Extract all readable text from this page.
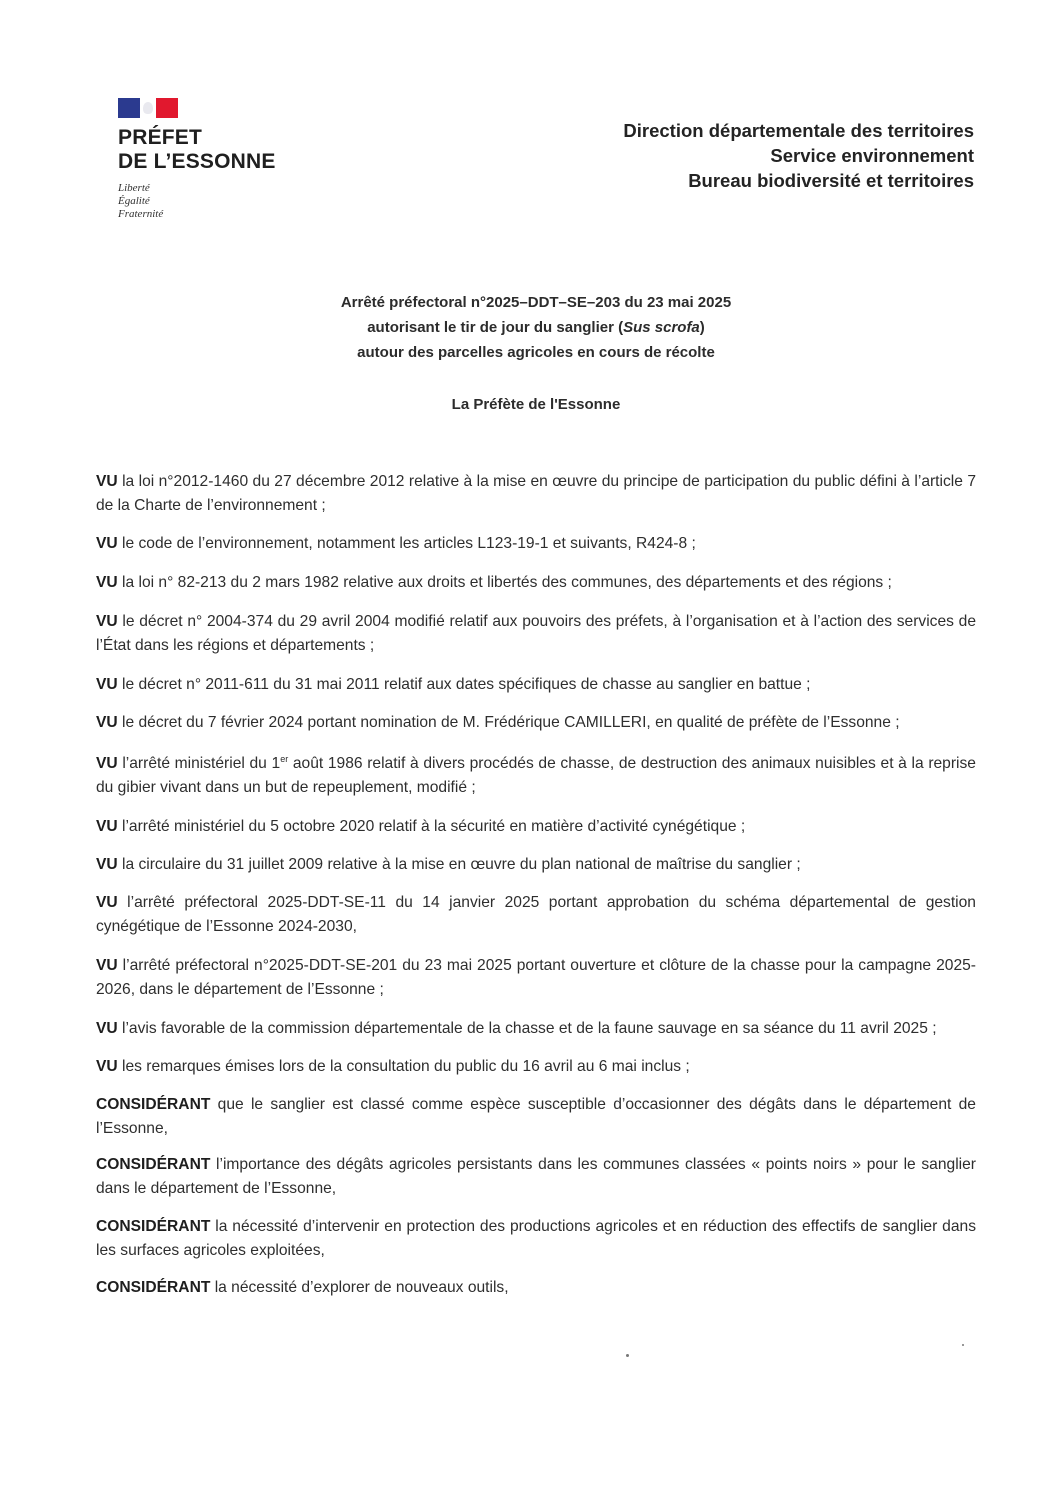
PRÉFET
DE L’ESSONNE
Liberté
Égalité
Fraternité
Direction départementale des territoires
Service environnement
Bureau biodiversité et territoires
Arrêté préfectoral n°2025–DDT–SE–203 du 23 mai 2025
autorisant le tir de jour du sanglier (Sus scrofa)
autour des parcelles agricoles en cours de récolte
La Préfète de l'Essonne
VU la loi n°2012-1460 du 27 décembre 2012 relative à la mise en œuvre du principe de participation du public défini à l’article 7 de la Charte de l’environnement ;
VU le code de l’environnement, notamment les articles L123-19-1 et suivants, R424-8 ;
VU la loi n° 82-213 du 2 mars 1982 relative aux droits et libertés des communes, des départements et des régions ;
VU le décret n° 2004-374 du 29 avril 2004 modifié relatif aux pouvoirs des préfets, à l’organisation et à l’action des services de l’État dans les régions et départements ;
VU le décret n° 2011-611 du 31 mai 2011 relatif aux dates spécifiques de chasse au sanglier en battue ;
VU le décret du 7 février 2024 portant nomination de M. Frédérique CAMILLERI, en qualité de préfète de l’Essonne ;
VU l’arrêté ministériel du 1er août 1986 relatif à divers procédés de chasse, de destruction des animaux nuisibles et à la reprise du gibier vivant dans un but de repeuplement, modifié ;
VU l’arrêté ministériel du 5 octobre 2020 relatif à la sécurité en matière d’activité cynégétique ;
VU la circulaire du 31 juillet 2009 relative à la mise en œuvre du plan national de maîtrise du sanglier ;
VU l’arrêté préfectoral 2025-DDT-SE-11 du 14 janvier 2025 portant approbation du schéma départemental de gestion cynégétique de l’Essonne 2024-2030,
VU l’arrêté préfectoral n°2025-DDT-SE-201 du 23 mai 2025 portant ouverture et clôture de la chasse pour la campagne 2025-2026, dans le département de l’Essonne ;
VU l’avis favorable de la commission départementale de la chasse et de la faune sauvage en sa séance du 11 avril 2025 ;
VU les remarques émises lors de la consultation du public du 16 avril au 6 mai inclus ;
CONSIDÉRANT que le sanglier est classé comme espèce susceptible d’occasionner des dégâts dans le département de l’Essonne,
CONSIDÉRANT l’importance des dégâts agricoles persistants dans les communes classées « points noirs » pour le sanglier dans le département de l’Essonne,
CONSIDÉRANT la nécessité d’intervenir en protection des productions agricoles et en réduction des effectifs de sanglier dans les surfaces agricoles exploitées,
CONSIDÉRANT la nécessité d’explorer de nouveaux outils,
